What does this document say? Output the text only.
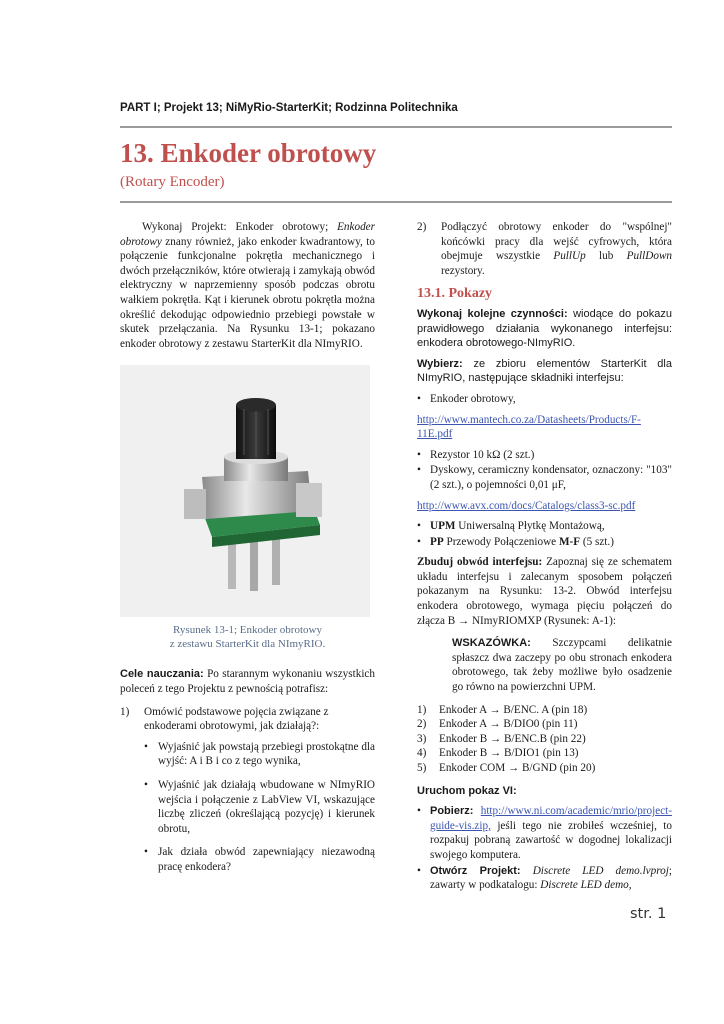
PART I; Projekt 13; NiMyRio-StarterKit; Rodzinna Politechnika
13. Enkoder obrotowy
(Rotary Encoder)

Wykonaj Projekt: Enkoder obrotowy; Enkoder obrotowy znany również, jako enkoder kwadrantowy, to połączenie funkcjonalne pokrętła mechanicznego i dwóch przełączników, które otwierają i zamykają obwód elektryczny w naprzemienny sposób podczas obrotu wałkiem pokrętła. Kąt i kierunek obrotu pokrętła można określić dekodując odpowiednio przebiegi powstałe w skutek przełączania. Na Rysunku 13-1; pokazano enkoder obrotowy z zestawu StarterKit dla NImyRIO.

Rysunek 13-1; Enkoder obrotowy
z zestawu StarterKit dla NImyRIO.

Cele nauczania: Po starannym wykonaniu wszystkich poleceń z tego Projektu z pewnością potrafisz:

1)	Omówić podstawowe pojęcia związane z enkoderami obrotowymi, jak działają?:
• Wyjaśnić jak powstają przebiegi prostokątne dla wyjść: A i B i co z tego wynika,
• Wyjaśnić jak działają wbudowane w NImyRIO wejścia i połączenie z LabView VI, wskazujące liczbę zliczeń (określającą pozycję) i kierunek obrotu,
• Jak działa obwód zapewniający niezawodną pracę enkodera?
2)	Podłączyć obrotowy enkoder do "wspólnej" końcówki pracy dla wejść cyfrowych, która obejmuje wszystkie PullUp lub PullDown rezystory.
13.1. Pokazy

Wykonaj kolejne czynności: wiodące do pokazu prawidłowego działania wykonanego interfejsu: enkodera obrotowego-NImyRIO.

Wybierz: ze zbioru elementów StarterKit dla NImyRIO, następujące składniki interfejsu:

• Enkoder obrotowy,
http://www.mantech.co.za/Datasheets/Products/F-11E.pdf
• Rezystor 10 kΩ (2 szt.)
• Dyskowy, ceramiczny kondensator, oznaczony: "103" (2 szt.), o pojemności 0,01 μF,
http://www.avx.com/docs/Catalogs/class3-sc.pdf
• UPM Uniwersalną Płytkę Montażową,
• PP Przewody Połączeniowe M-F (5 szt.)

Zbuduj obwód interfejsu: Zapoznaj się ze schematem układu interfejsu i zalecanym sposobem połączeń pokazanym na Rysunku: 13-2. Obwód interfejsu enkodera obrotowego, wymaga pięciu połączeń do złącza B → NImyRIOMXP (Rysunek: A-1):

WSKAZÓWKA: Szczypcami delikatnie spłaszcz dwa zaczepy po obu stronach enkodera obrotowego, tak żeby możliwe było osadzenie go równo na powierzchni UPM.

1)	Enkoder A → B/ENC. A (pin 18)
2)	Enkoder A → B/DIO0 (pin 11)
3)	Enkoder B → B/ENC.B (pin 22)
4)	Enkoder B → B/DIO1 (pin 13)
5)	Enkoder COM → B/GND (pin 20)

Uruchom pokaz VI:

• Pobierz: http://www.ni.com/academic/mrio/project-guide-vis.zip, jeśli tego nie zrobiłeś wcześniej, to rozpakuj pobraną zawartość w dogodnej lokalizacji swojego komputera.
• Otwórz Projekt: Discrete LED demo.lvproj; zawarty w podkatalogu: Discrete LED demo,
str. 1
